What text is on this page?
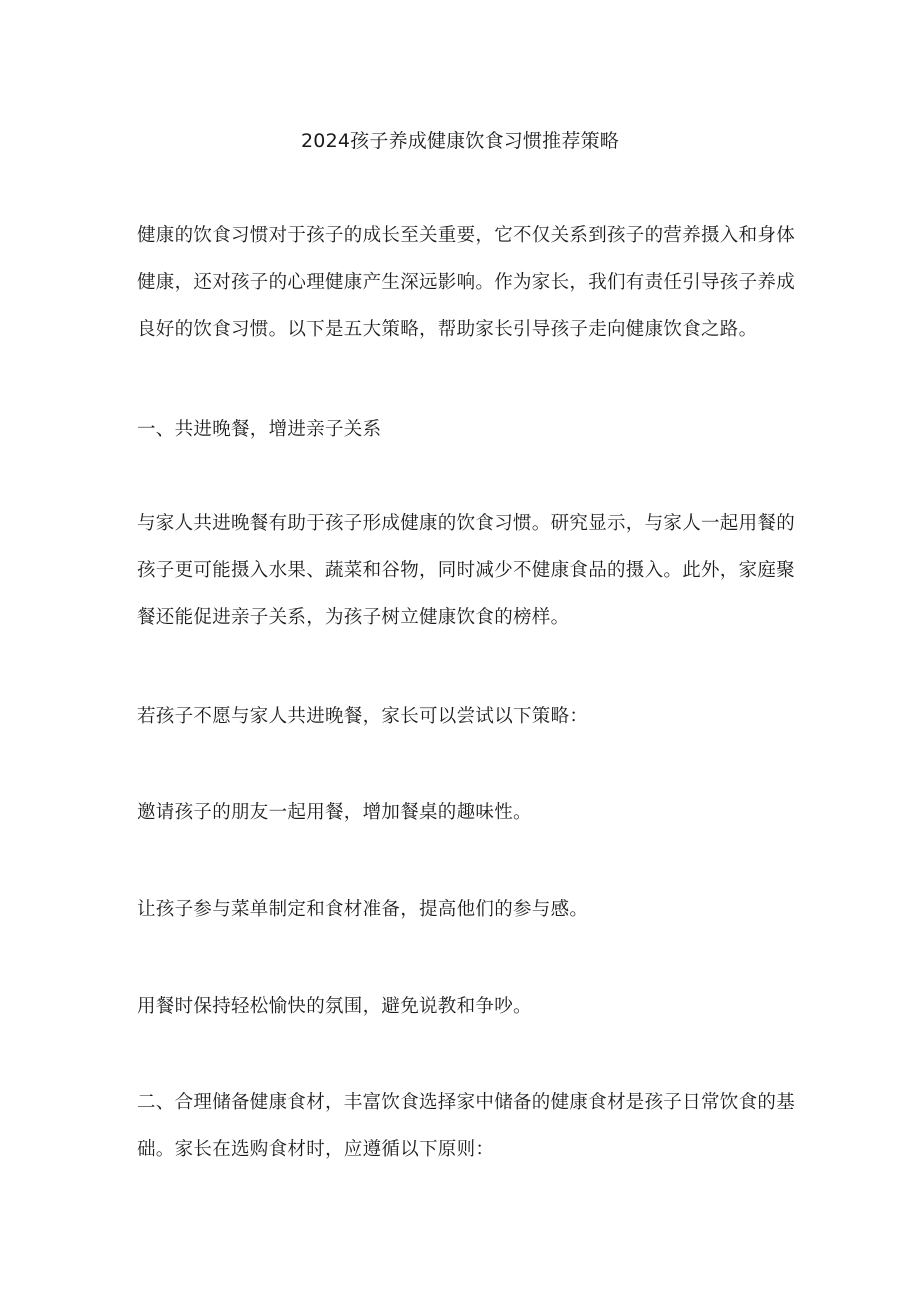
2024孩子养成健康饮食习惯推荐策略

健康的饮食习惯对于孩子的成长至关重要，它不仅关系到孩子的营养摄入和身体健康，还对孩子的心理健康产生深远影响。作为家长，我们有责任引导孩子养成良好的饮食习惯。以下是五大策略，帮助家长引导孩子走向健康饮食之路。

一、共进晚餐，增进亲子关系

与家人共进晚餐有助于孩子形成健康的饮食习惯。研究显示，与家人一起用餐的孩子更可能摄入水果、蔬菜和谷物，同时减少不健康食品的摄入。此外，家庭聚餐还能促进亲子关系，为孩子树立健康饮食的榜样。

若孩子不愿与家人共进晚餐，家长可以尝试以下策略：

邀请孩子的朋友一起用餐，增加餐桌的趣味性。

让孩子参与菜单制定和食材准备，提高他们的参与感。

用餐时保持轻松愉快的氛围，避免说教和争吵。

二、合理储备健康食材，丰富饮食选择家中储备的健康食材是孩子日常饮食的基础。家长在选购食材时，应遵循以下原则：
